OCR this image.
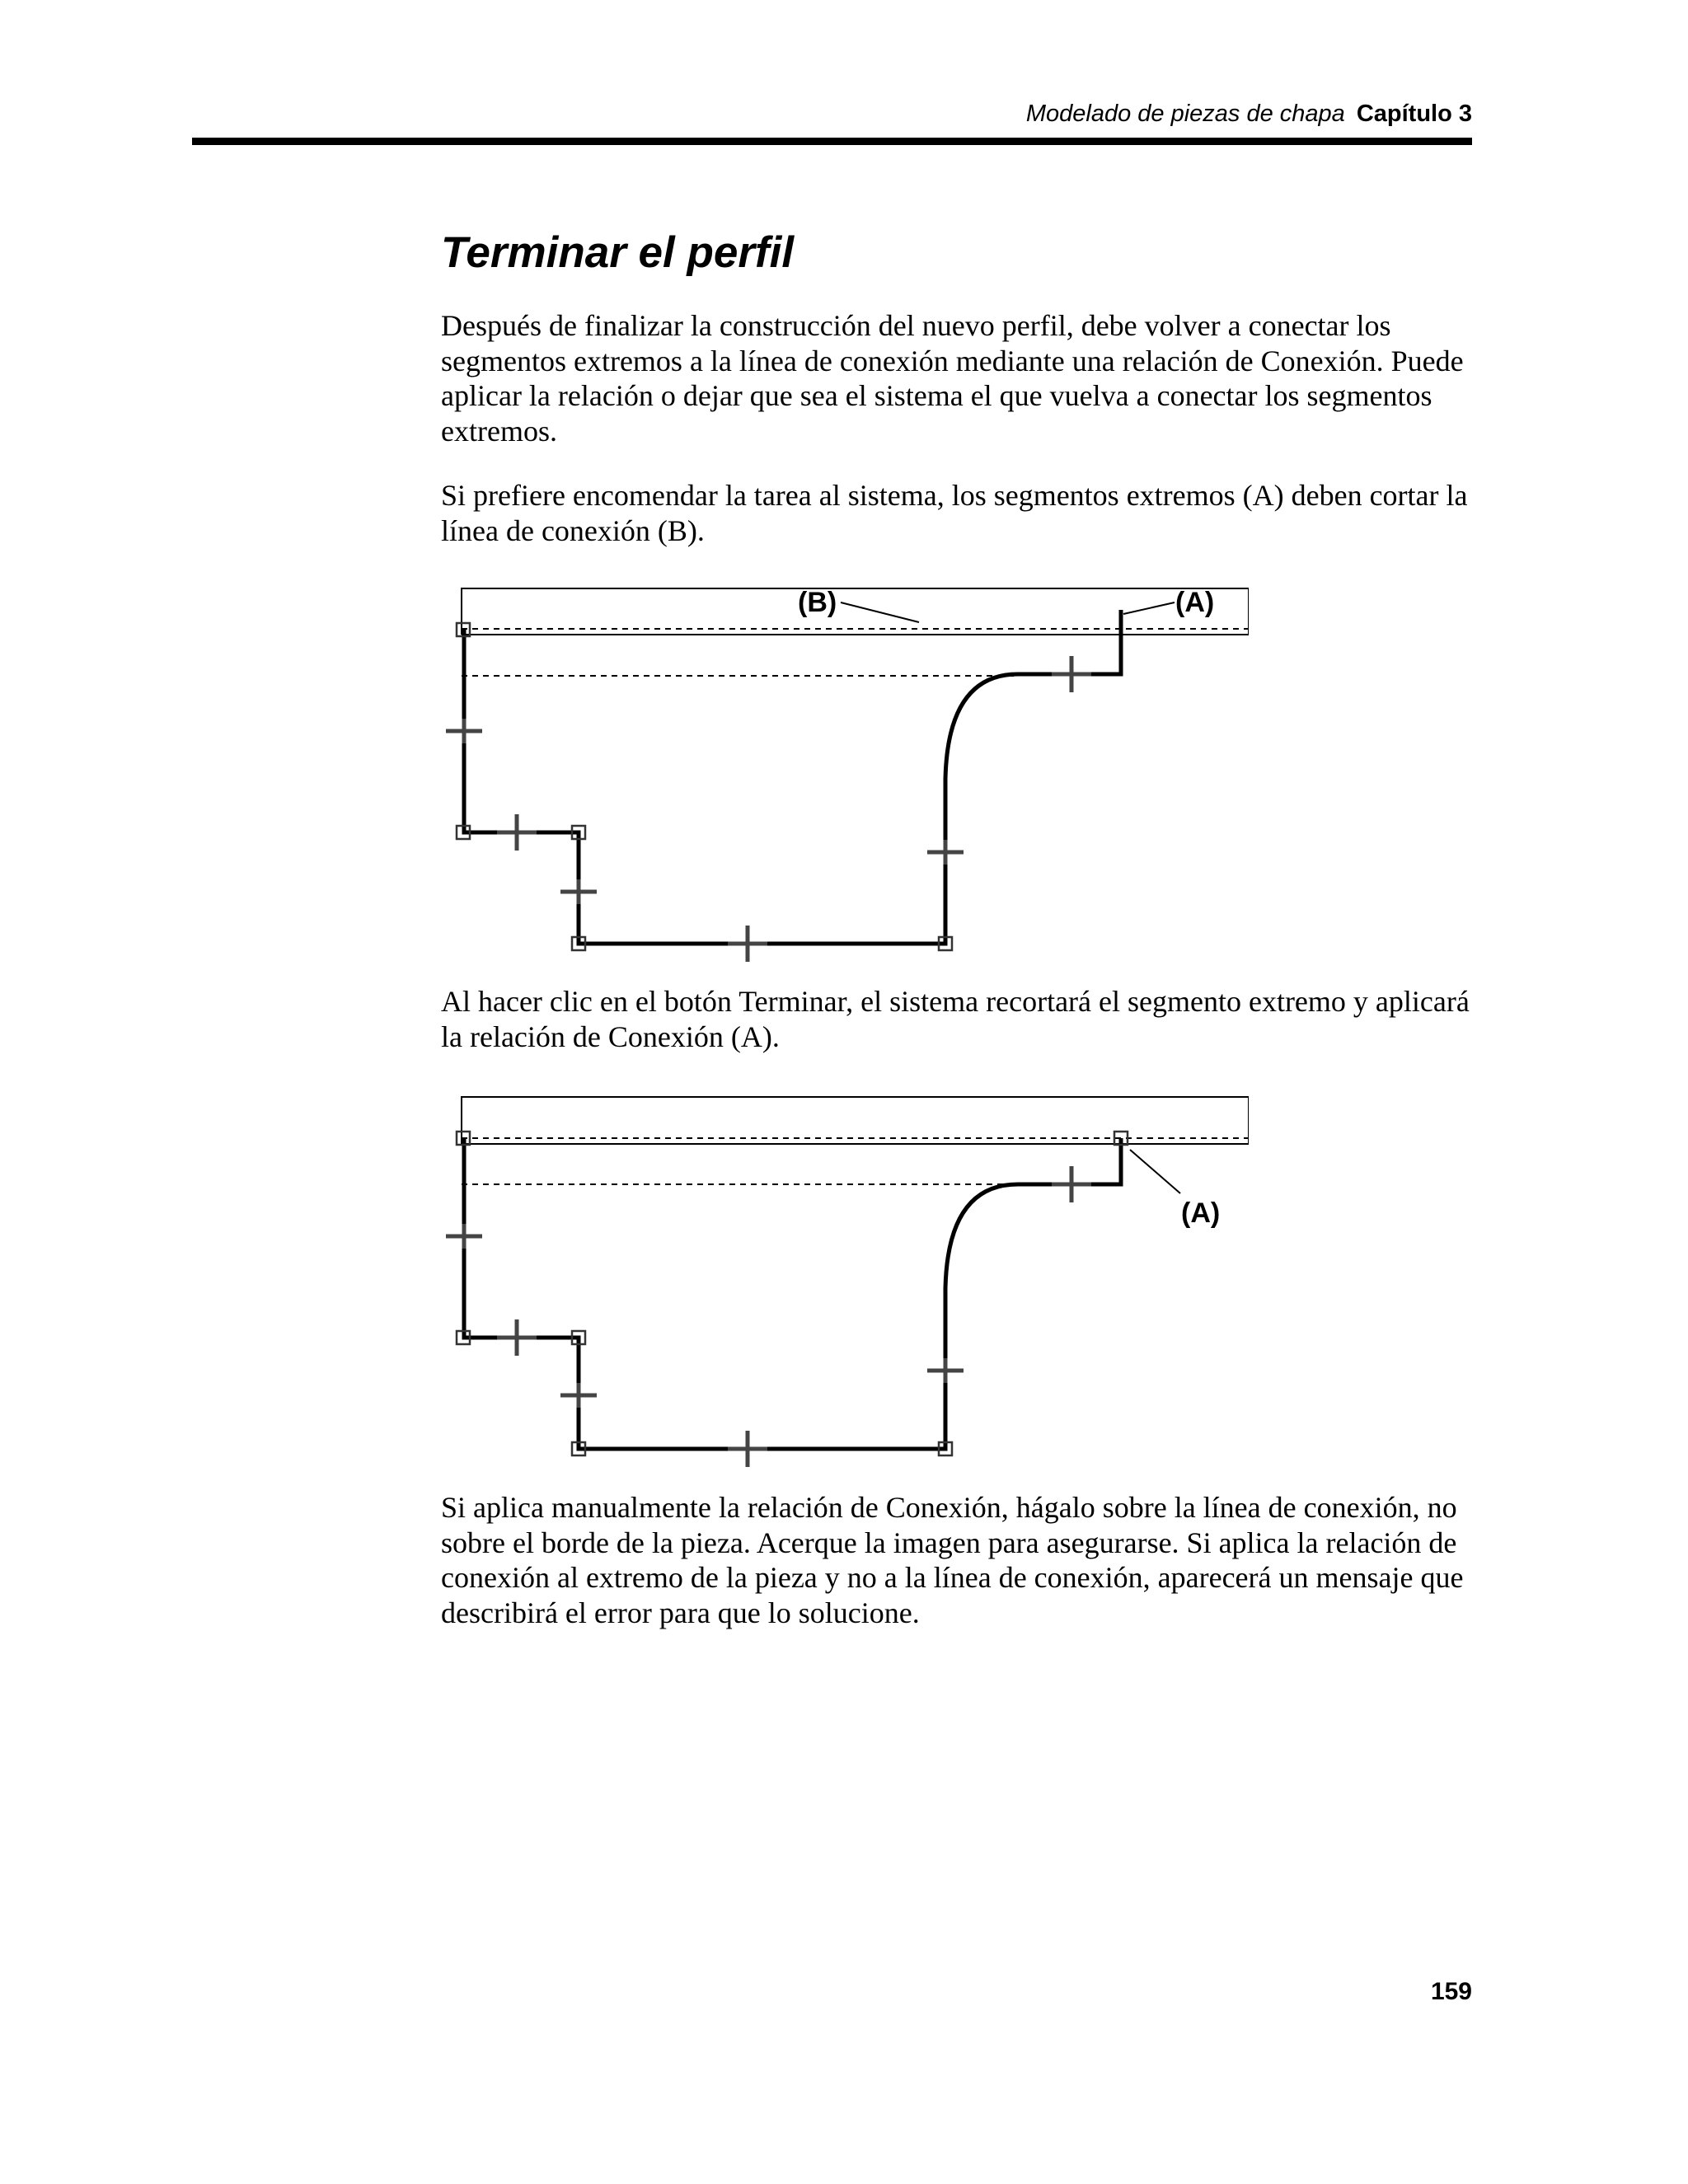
Modelado de piezas de chapa Capítulo 3
Terminar el perfil

Después de finalizar la construcción del nuevo perfil, debe volver a conectar los segmentos extremos a la línea de conexión mediante una relación de Conexión. Puede aplicar la relación o dejar que sea el sistema el que vuelva a conectar los segmentos extremos.

Si prefiere encomendar la tarea al sistema, los segmentos extremos (A) deben cortar la línea de conexión (B).

(B)	(A)

Al hacer clic en el botón Terminar, el sistema recortará el segmento extremo y aplicará la relación de Conexión (A).

(A)

Si aplica manualmente la relación de Conexión, hágalo sobre la línea de conexión, no sobre el borde de la pieza. Acerque la imagen para asegurarse. Si aplica la relación de conexión al extremo de la pieza y no a la línea de conexión, aparecerá un mensaje que describirá el error para que lo solucione.

159
